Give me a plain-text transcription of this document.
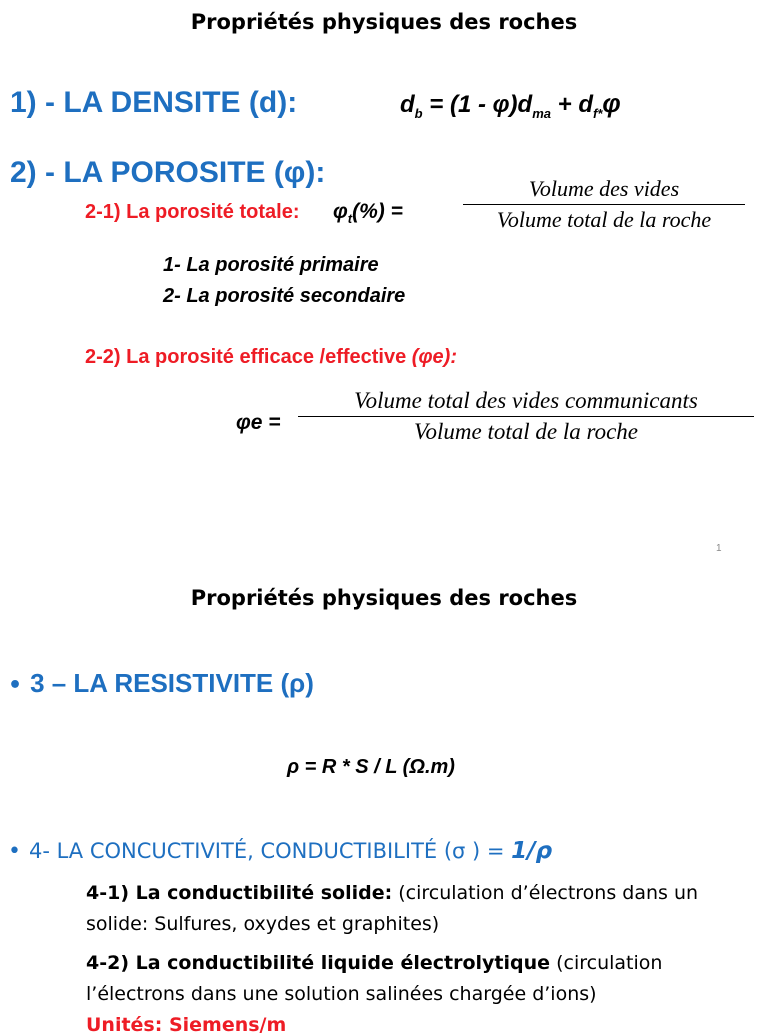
Propriétés physiques des roches
1) - LA DENSITE (d):	$d_b = (1 - \varphi)d_{ma} + d_{f*}\varphi$
2) - LA POROSITE (φ):
2-1) La porosité totale: $\varphi_t(\%)$ =
Volume des vides
Volume total de la roche
1- La porosité primaire
2- La porosité secondaire
2-2) La porosité efficace /effective (φe):
φe =
Volume total des vides communicants
Volume total de la roche
1
Propriétés physiques des roches
• 3 – LA RESISTIVITE (ρ)
ρ = R * S / L (Ω.m)
• 4- LA CONCUCTIVITÉ, CONDUCTIBILITÉ (σ ) = 1/ρ
4-1) La conductibilité solide: (circulation d’électrons dans un
solide: Sulfures, oxydes et graphites)
4-2) La conductibilité liquide électrolytique (circulation
l’électrons dans une solution salinées chargée d’ions)
Unités: Siemens/m
